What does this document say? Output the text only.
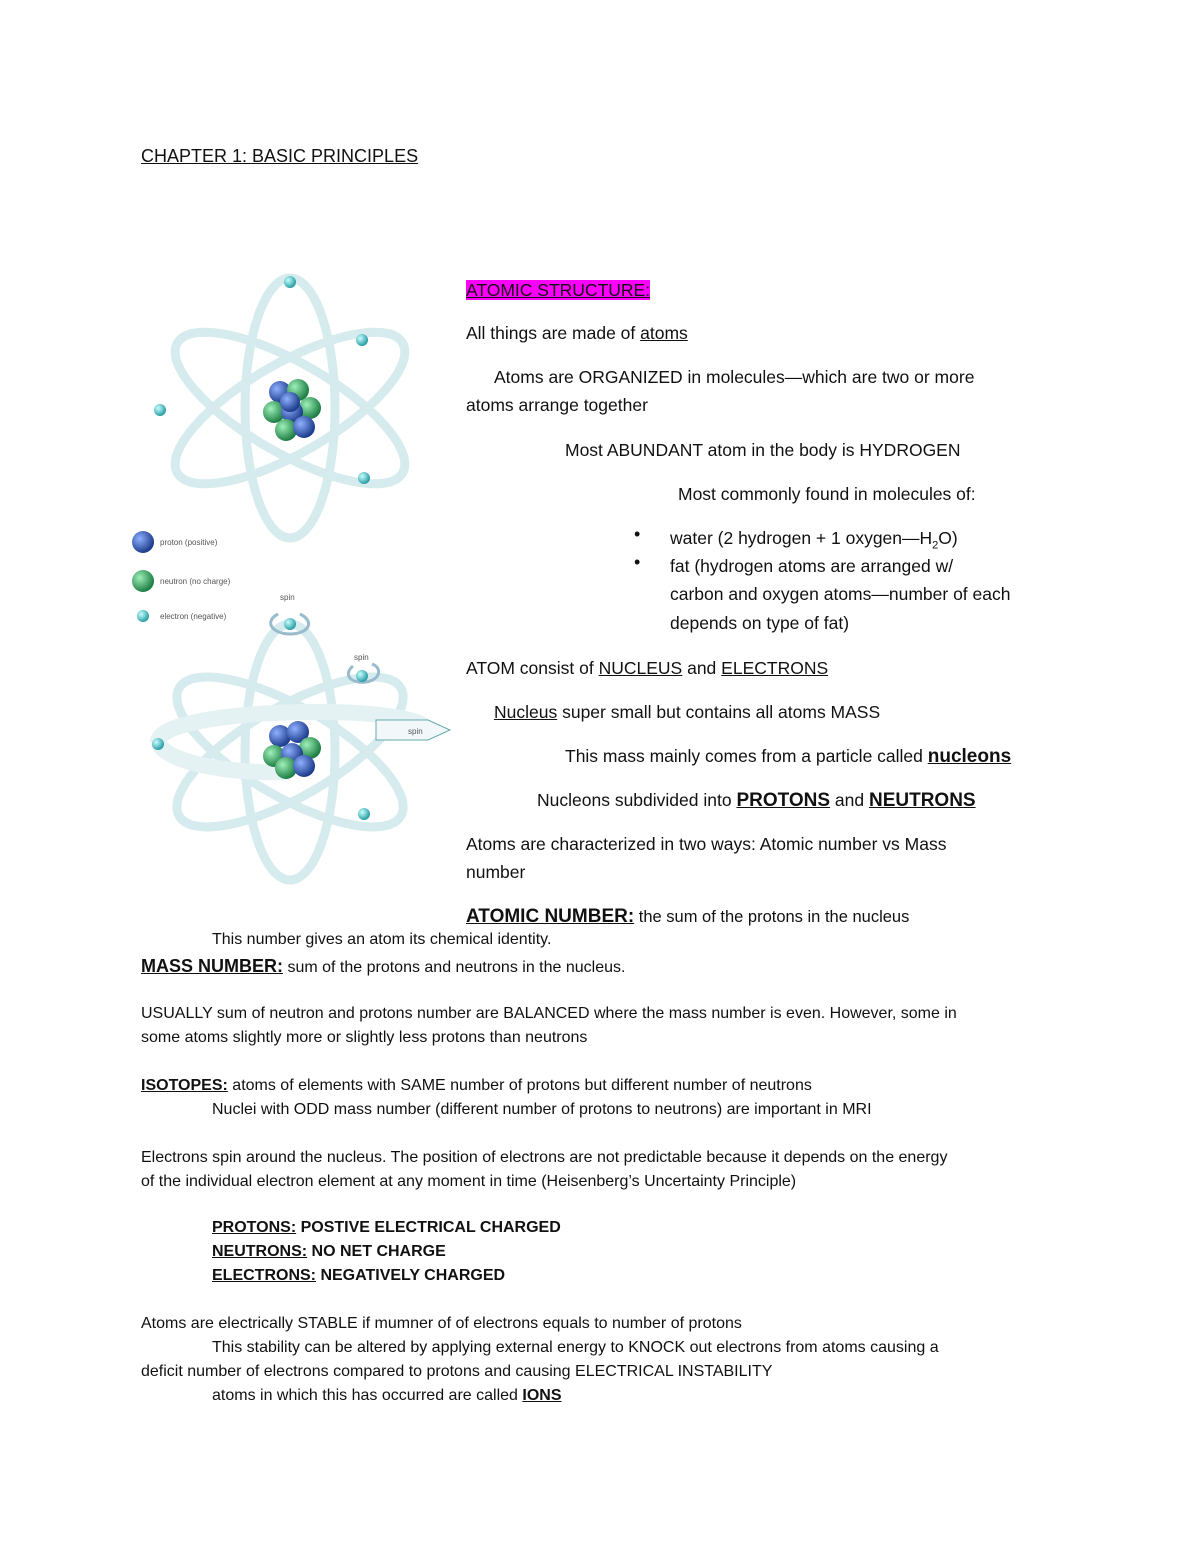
CHAPTER 1: BASIC PRINCIPLES
proton (positive)
neutron (no charge)
electron (negative)
spin
spin
spin
ATOMIC STRUCTURE:
All things are made of atoms
Atoms are ORGANIZED in molecules—which are two or more
atoms arrange together
Most ABUNDANT atom in the body is HYDROGEN
Most commonly found in molecules of:
• water (2 hydrogen + 1 $oxygen—H_2O$)
• fat (hydrogen atoms are arranged w/
carbon and oxygen atoms—number of each
depends on type of fat)
ATOM consist of NUCLEUS and ELECTRONS
Nucleus super small but contains all atoms MASS
This mass mainly comes from a particle called nucleons
Nucleons subdivided into PROTONS and NEUTRONS
Atoms are characterized in two ways: Atomic number vs Mass
number
ATOMIC NUMBER: the sum of the protons in the nucleus
This number gives an atom its chemical identity.
MASS NUMBER: sum of the protons and neutrons in the nucleus.
USUALLY sum of neutron and protons number are BALANCED where the mass number is even. However, some in
some atoms slightly more or slightly less protons than neutrons
ISOTOPES: atoms of elements with SAME number of protons but different number of neutrons
Nuclei with ODD mass number (different number of protons to neutrons) are important in MRI
Electrons spin around the nucleus. The position of electrons are not predictable because it depends on the energy
of the individual electron element at any moment in time (Heisenberg’s Uncertainty Principle)
PROTONS: POSTIVE ELECTRICAL CHARGED
NEUTRONS: NO NET CHARGE
ELECTRONS: NEGATIVELY CHARGED
Atoms are electrically STABLE if mumner of of electrons equals to number of protons
This stability can be altered by applying external energy to KNOCK out electrons from atoms causing a
deficit number of electrons compared to protons and causing ELECTRICAL INSTABILITY
atoms in which this has occurred are called IONS
